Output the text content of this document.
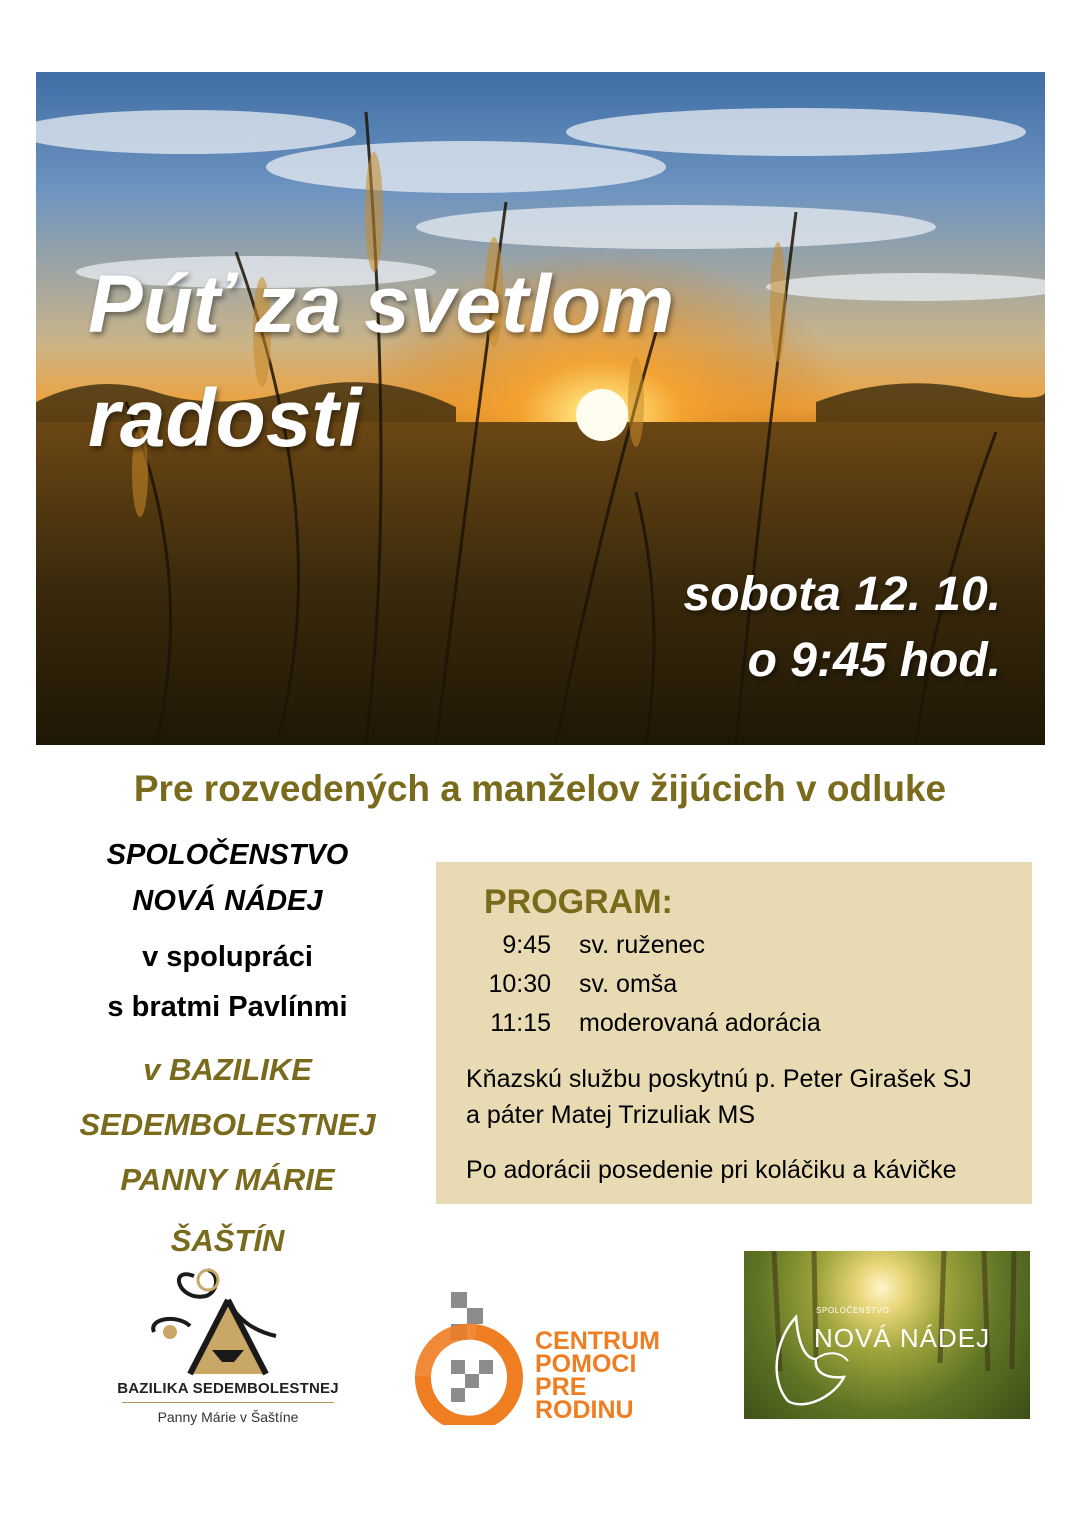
Púť za svetlom
radosti
sobota 12. 10.
o 9:45 hod.
Pre rozvedených a manželov žijúcich v odluke
SPOLOČENSTVO
NOVÁ NÁDEJ
v spolupráci
s bratmi Pavlínmi
v BAZILIKE
SEDEMBOLESTNEJ
PANNY MÁRIE
ŠAŠTÍN
PROGRAM:
9:45 sv. ruženec
10:30 sv. omša
11:15 moderovaná adorácia
Kňazskú službu poskytnú p. Peter Girašek SJ
a páter Matej Trizuliak MS
Po adorácii posedenie pri koláčiku a kávičke
BAZILIKA SEDEMBOLESTNEJ
Panny Márie v Šaštíne
CENTRUM
POMOCI
PRE
RODINU
SPOLOČENSTVO
NOVÁ NÁDEJ
